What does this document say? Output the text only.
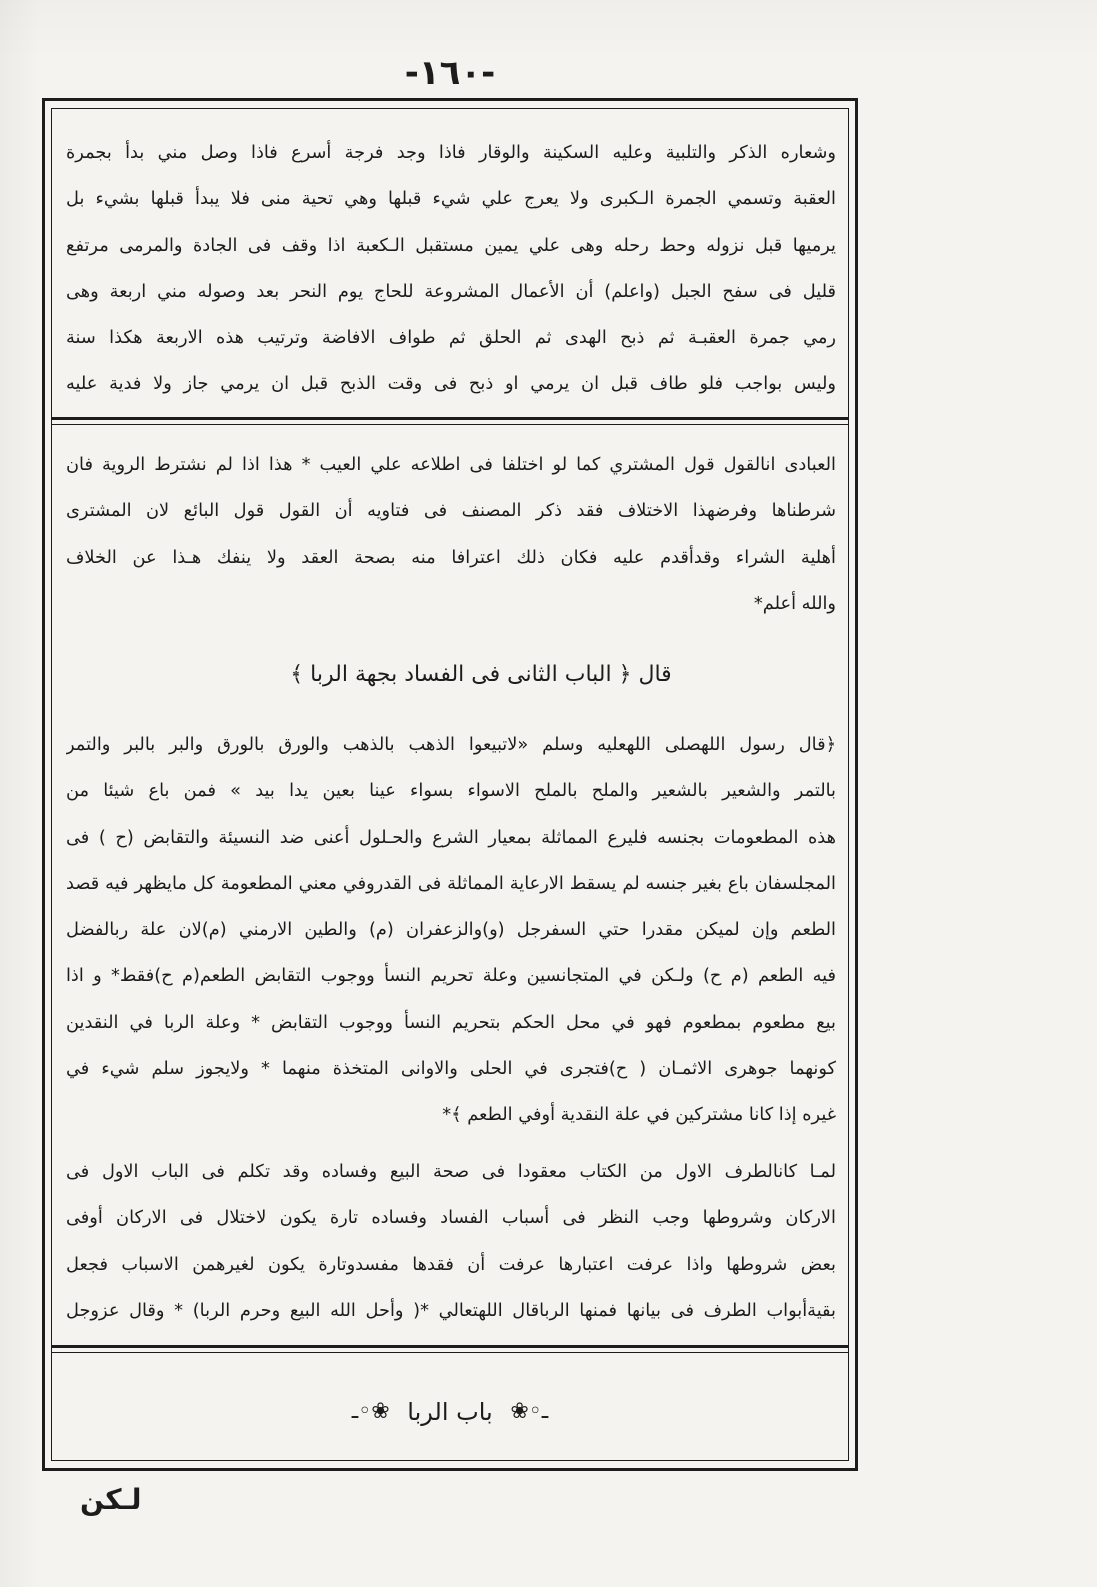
-١٦٠-
وشعاره الذكر والتلبية وعليه السكينة والوقار فاذا وجد فرجة أسرع فاذا وصل مني بدأ بجمرة
العقبة وتسمي الجمرة الـكبرى ولا يعرج علي شيء قبلها وهي تحية منى فلا يبدأ قبلها بشيء بل
يرميها قبل نزوله وحط رحله وهى علي يمين مستقبل الـكعبة اذا وقف فى الجادة والمرمى مرتفع
قليل فى سفح الجبل (واعلم) أن الأعمال المشروعة للحاج يوم النحر بعد وصوله مني اربعة وهى
رمي جمرة العقبـة ثم ذبح الهدى ثم الحلق ثم طواف الافاضة وترتيب هذه الاربعة هكذا سنة
وليس بواجب فلو طاف قبل ان يرمي او ذبح فى وقت الذبح قبل ان يرمي جاز ولا فدية عليه
العبادى انالقول قول المشتري كما لو اختلفا فى اطلاعه علي العيب * هذا اذا لم نشترط الروية فان
شرطناها وفرضهذا الاختلاف فقد ذكر المصنف فى فتاويه أن القول قول البائع لان المشترى
أهلية الشراء وقدأقدم عليه فكان ذلك اعترافا منه بصحة العقد ولا ينفك هـذا عن الخلاف
والله أعلم*
قال ﴿ الباب الثانى فى الفساد بجهة الربا ﴾
﴿قال رسول اللهصلى اللهعليه وسلم «لاتبيعوا الذهب بالذهب والورق بالورق والبر بالبر والتمر
بالتمر والشعير بالشعير والملح بالملح الاسواء بسواء عينا بعين يدا بيد » فمن باع شيئا من
هذه المطعومات بجنسه فليرع المماثلة بمعيار الشرع والحـلول أعنى ضد النسيئة والتقابض (ح ) فى
المجلسفان باع بغير جنسه لم يسقط الارعاية المماثلة فى القدروفي معني المطعومة كل مايظهر فيه قصد
الطعم وإن لميكن مقدرا حتي السفرجل (و)والزعفران (م) والطين الارمني (م)لان علة ربالفضل
فيه الطعم (م ح) ولـكن في المتجانسين وعلة تحريم النسأ ووجوب التقابض الطعم(م ح)فقط* و اذا
بيع مطعوم بمطعوم فهو في محل الحكم بتحريم النسأ ووجوب التقابض * وعلة الربا في النقدين
كونهما جوهرى الاثمـان ( ح)فتجرى في الحلى والاوانى المتخذة منهما * ولايجوز سلم شيء في
غيره إذا كانا مشتركين في علة النقدية أوفي الطعم ﴾*
لمـا كانالطرف الاول من الكتاب معقودا فى صحة البيع وفساده وقد تكلم فى الباب الاول فى
الاركان وشروطها وجب النظر فى أسباب الفساد وفساده تارة يكون لاختلال فى الاركان أوفى
بعض شروطها واذا عرفت اعتبارها عرفت أن فقدها مفسدوتارة يكون لغيرهمن الاسباب فجعل
بقيةأبواب الطرف فى بيانها فمنها الرباقال اللهتعالي *( وأحل الله البيع وحرم الربا) * وقال عزوجل
ـ◦❀ باب الربا ❀◦ـ
لـكن
